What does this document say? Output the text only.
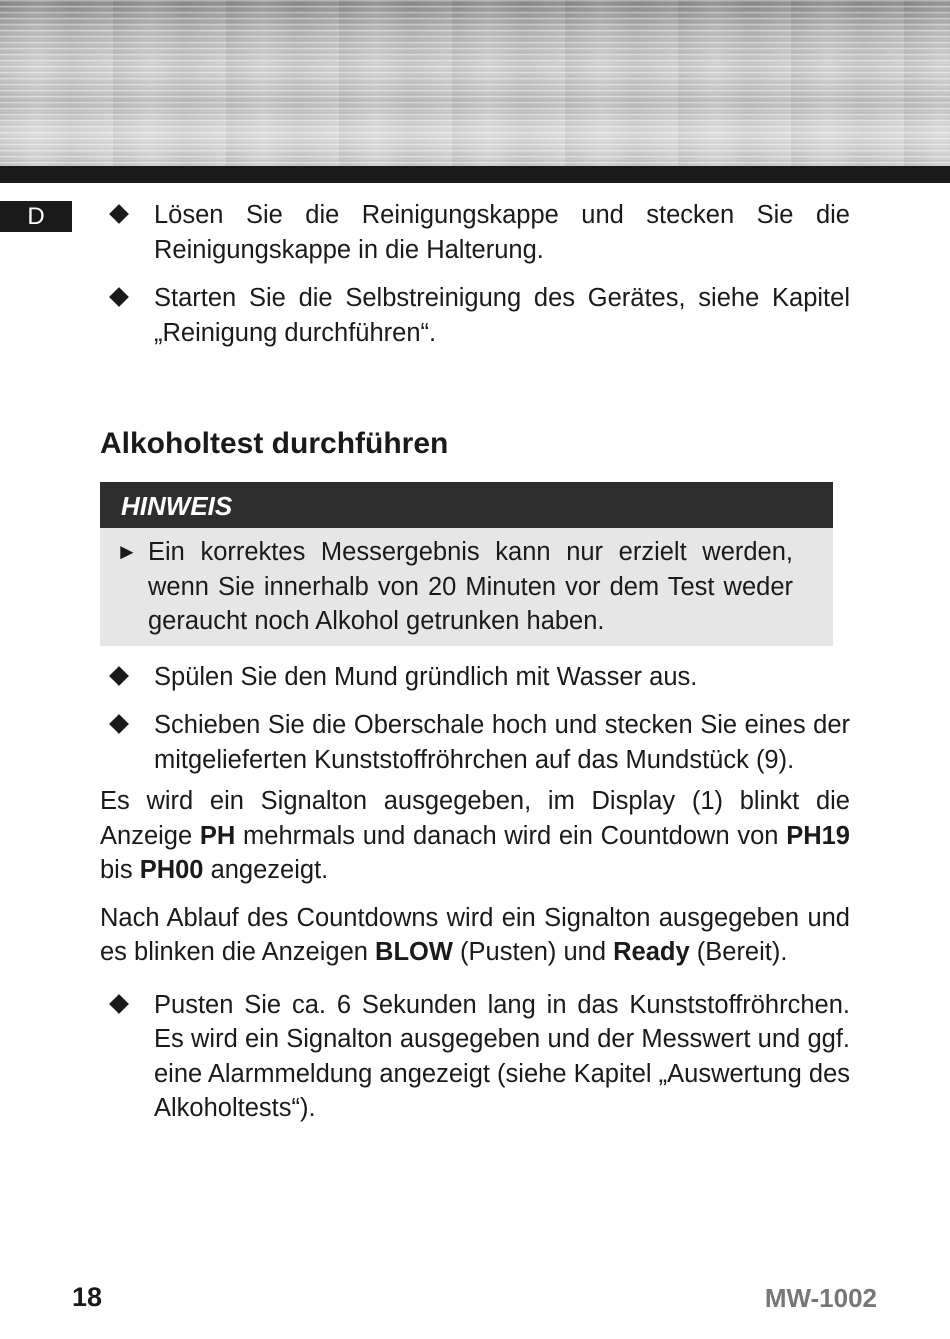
D	Lösen Sie die Reinigungskappe und stecken Sie die Reinigungskappe in die Halterung.
Starten Sie die Selbstreinigung des Gerätes, siehe Kapitel „Reinigung durchführen“.
Alkoholtest durchführen
HINWEIS
► Ein korrektes Messergebnis kann nur erzielt werden, wenn Sie innerhalb von 20 Minuten vor dem Test weder geraucht noch Alkohol getrunken haben.
Spülen Sie den Mund gründlich mit Wasser aus.
Schieben Sie die Oberschale hoch und stecken Sie eines der mitgelieferten Kunststoffröhrchen auf das Mundstück (9).
Es wird ein Signalton ausgegeben, im Display (1) blinkt die Anzeige PH mehrmals und danach wird ein Countdown von PH19 bis PH00 angezeigt.
Nach Ablauf des Countdowns wird ein Signalton ausgegeben und es blinken die Anzeigen BLOW (Pusten) und Ready (Bereit).
Pusten Sie ca. 6 Sekunden lang in das Kunststoffröhrchen. Es wird ein Signalton ausgegeben und der Messwert und ggf. eine Alarmmeldung angezeigt (siehe Kapitel „Auswertung des Alkoholtests“).
18	MW-1002
